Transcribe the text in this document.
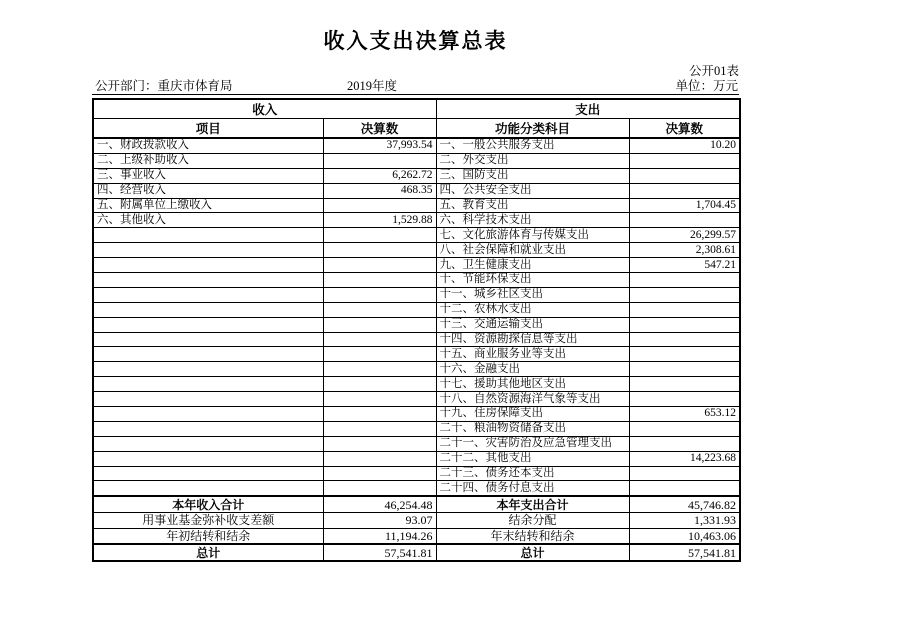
收入支出决算总表
公开01表
公开部门：重庆市体育局	2019年度	单位：万元
收入		支出	
项目	决算数	功能分类科目	决算数
一、财政拨款收入	37,993.54	一、一般公共服务支出	10.20
二、上级补助收入		二、外交支出	
三、事业收入	6,262.72	三、国防支出	
四、经营收入	468.35	四、公共安全支出	
五、附属单位上缴收入		五、教育支出	1,704.45
六、其他收入	1,529.88	六、科学技术支出	
		七、文化旅游体育与传媒支出	26,299.57
		八、社会保障和就业支出	2,308.61
		九、卫生健康支出	547.21
		十、节能环保支出	
		十一、城乡社区支出	
		十二、农林水支出	
		十三、交通运输支出	
		十四、资源勘探信息等支出	
		十五、商业服务业等支出	
		十六、金融支出	
		十七、援助其他地区支出	
		十八、自然资源海洋气象等支出	
		十九、住房保障支出	653.12
		二十、粮油物资储备支出	
		二十一、灾害防治及应急管理支出	
		二十二、其他支出	14,223.68
		二十三、债务还本支出	
		二十四、债务付息支出	
本年收入合计	46,254.48	本年支出合计	45,746.82
用事业基金弥补收支差额	93.07	结余分配	1,331.93
年初结转和结余	11,194.26	年末结转和结余	10,463.06
总计	57,541.81	总计	57,541.81
